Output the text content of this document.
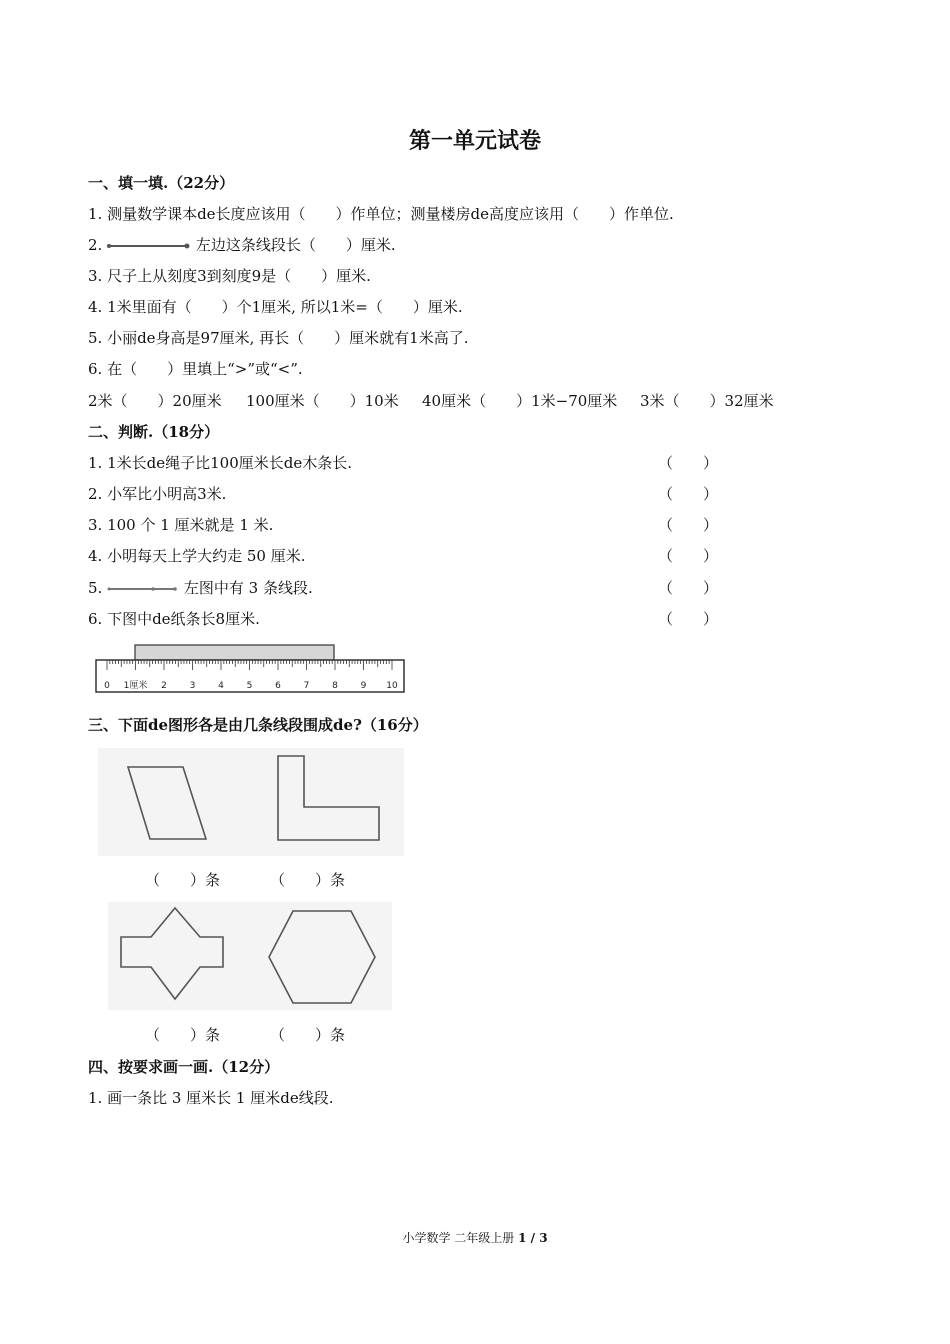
第一单元试卷
一、填一填.（22分）
1. 测量数学课本de长度应该用（　　）作单位；测量楼房de高度应该用（　　）作单位.
2.	左边这条线段长（　　）厘米.
3. 尺子上从刻度3到刻度9是（　　）厘米.
4. 1米里面有（　　）个1厘米, 所以1米=（　　）厘米.
5. 小丽de身高是97厘米, 再长（　　）厘米就有1米高了.
6. 在（　　）里填上“>”或“<”.
2米（　　）20厘米 100厘米（　　）10米 40厘米（　　）1米−70厘米 3米（　　）32厘米
二、判断.（18分）
1. 1米长de绳子比100厘米长de木条长.	（　　）
2. 小军比小明高3米.	（　　）
3. 100 个 1 厘米就是 1 米.	（　　）
4. 小明每天上学大约走 50 厘米.	（　　）
5.	左图中有 3 条线段.	（　　）
6. 下图中de纸条长8厘米.	（　　）
0 1厘米 2	3	4	5	6	7	8	9 10
三、下面de图形各是由几条线段围成de?（16分）
（　　）条	（　　）条
（　　）条	（　　）条
四、按要求画一画.（12分）
1. 画一条比 3 厘米长 1 厘米de线段.
小学数学 二年级上册 1 / 3
